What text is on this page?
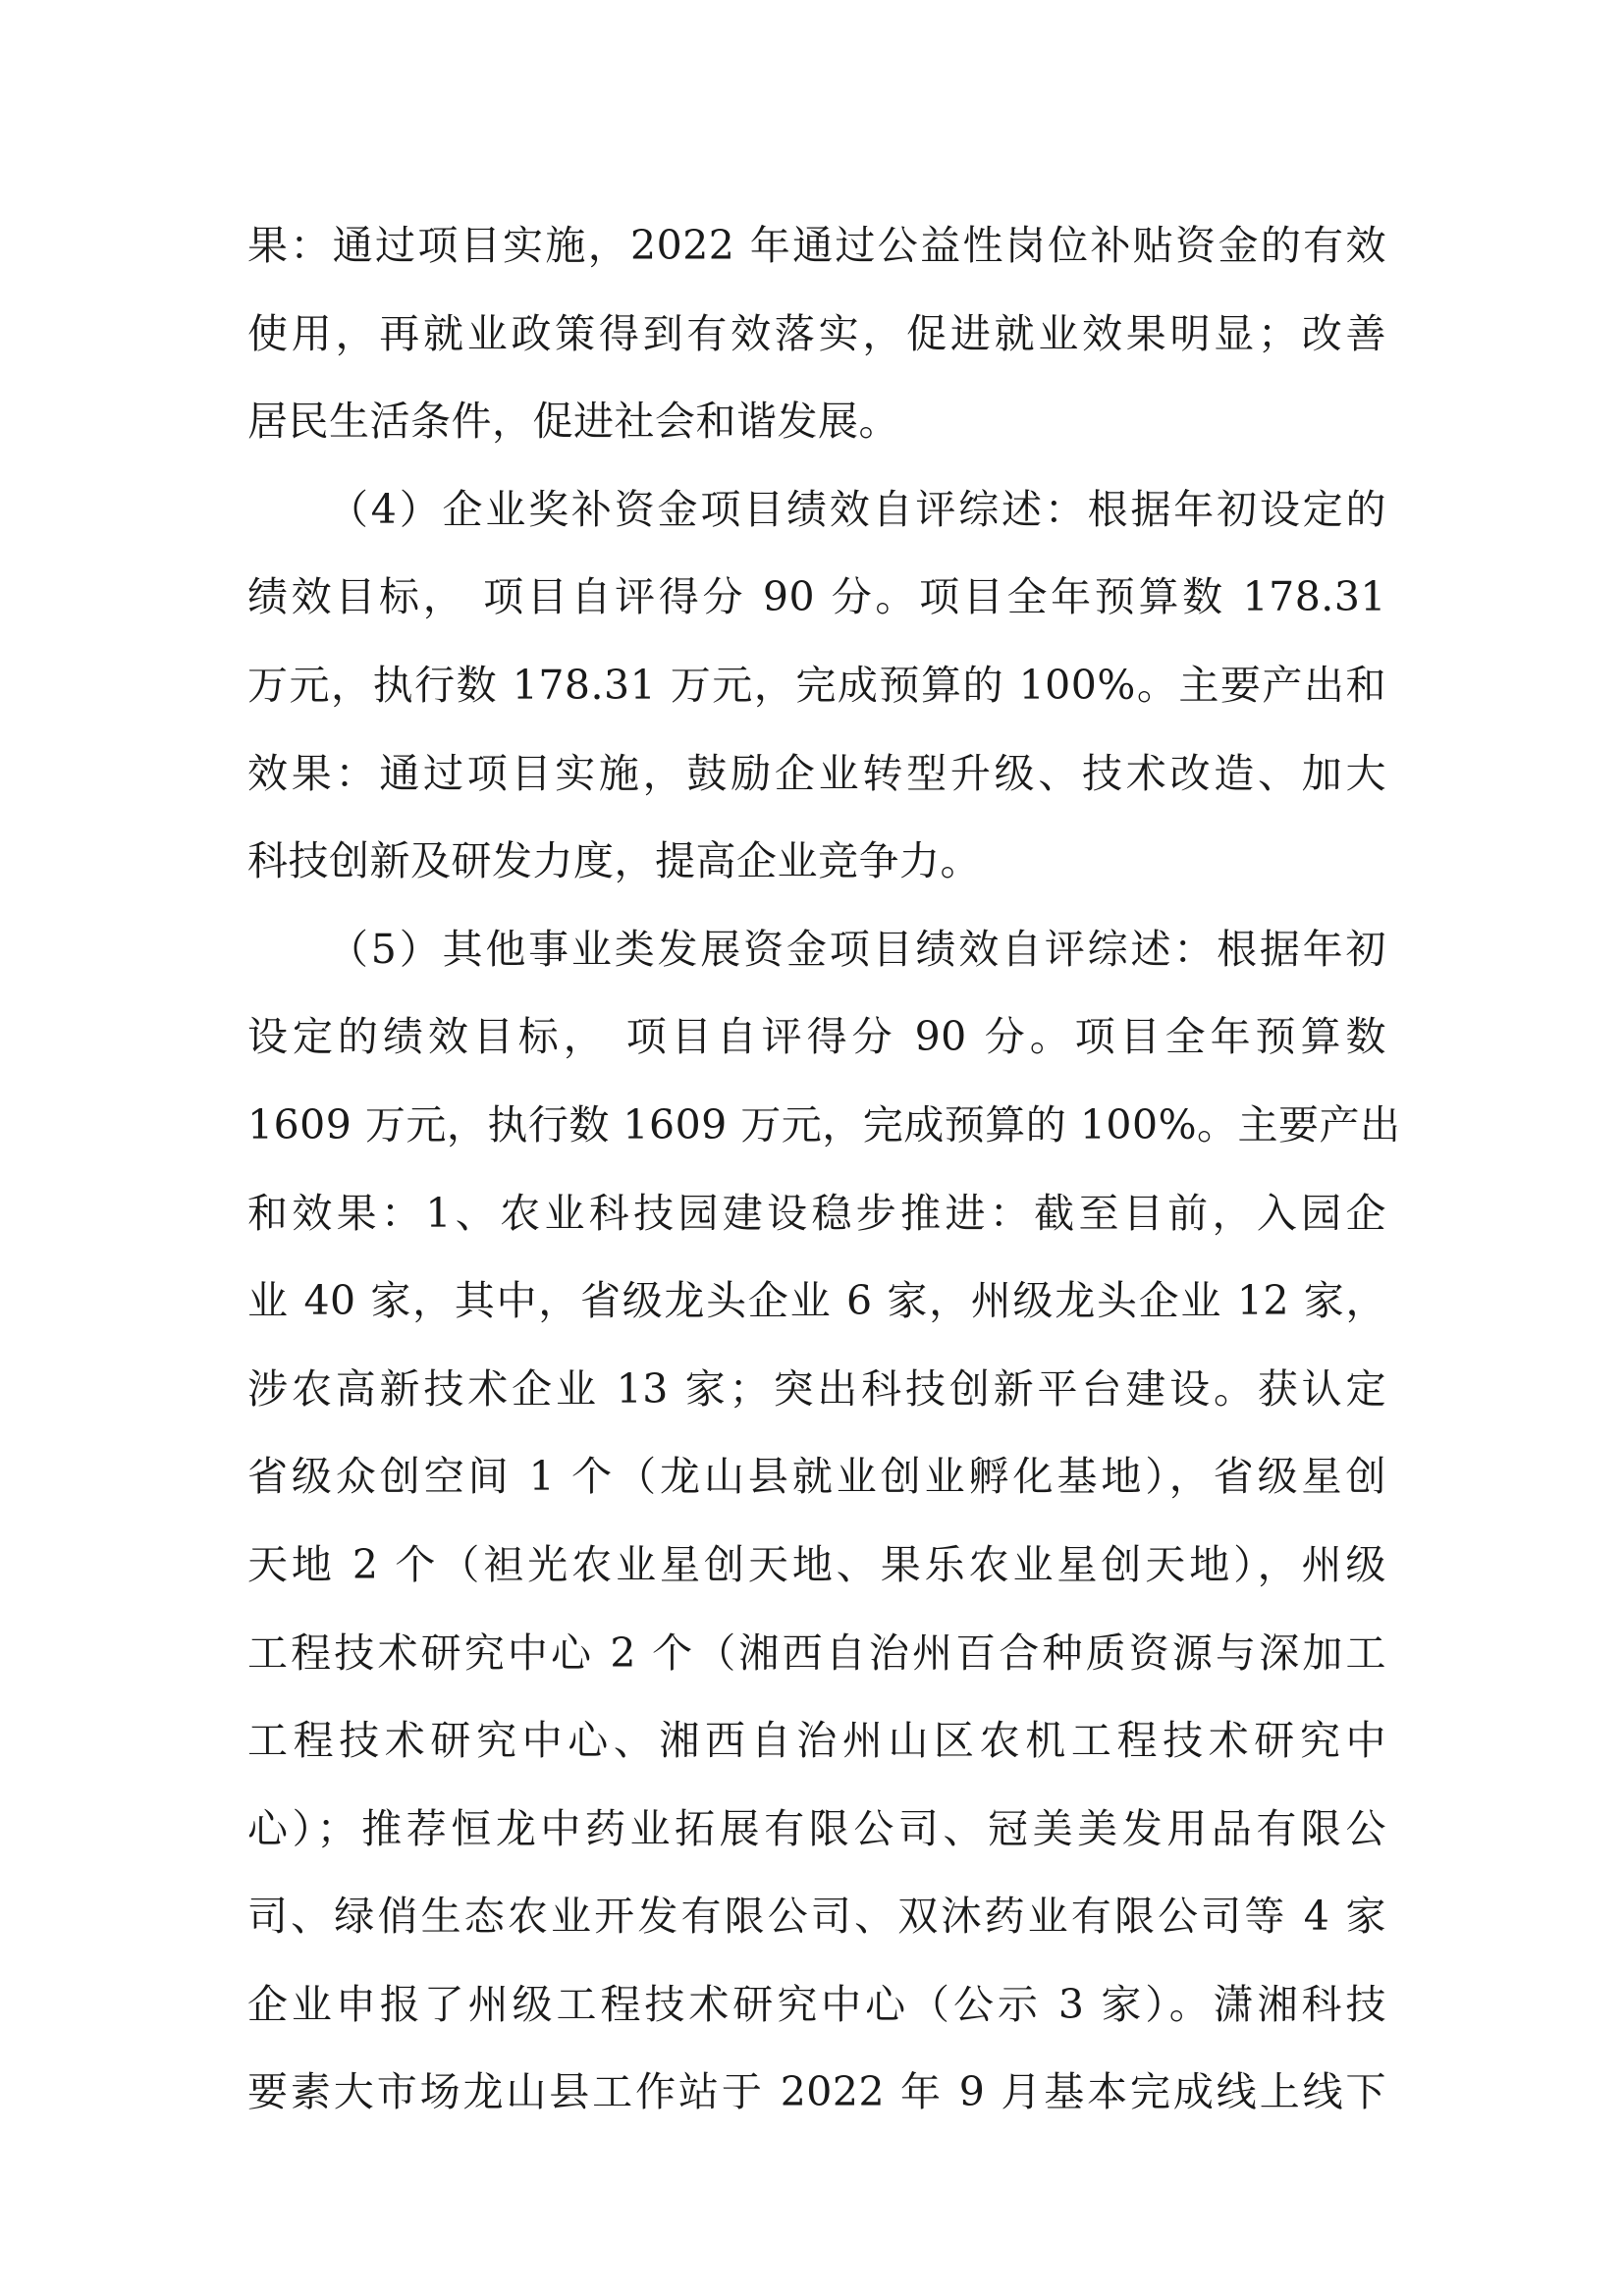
果：通过项目实施，2022 年通过公益性岗位补贴资金的有效
使用，再就业政策得到有效落实，促进就业效果明显；改善
居民生活条件，促进社会和谐发展。
（4）企业奖补资金项目绩效自评综述：根据年初设定的
绩效目标， 项目自评得分 90 分。项目全年预算数 178.31
万元，执行数 178.31 万元，完成预算的 100%。主要产出和
效果：通过项目实施，鼓励企业转型升级、技术改造、加大
科技创新及研发力度，提高企业竞争力。
（5）其他事业类发展资金项目绩效自评综述：根据年初
设定的绩效目标， 项目自评得分 90 分。项目全年预算数
1609 万元，执行数 1609 万元，完成预算的 100%。主要产出
和效果：1、农业科技园建设稳步推进：截至目前，入园企
业 40 家，其中，省级龙头企业 6 家，州级龙头企业 12 家，
涉农高新技术企业 13 家；突出科技创新平台建设。获认定
省级众创空间 1 个（龙山县就业创业孵化基地），省级星创
天地 2 个（袒光农业星创天地、果乐农业星创天地），州级
工程技术研究中心 2 个（湘西自治州百合种质资源与深加工
工程技术研究中心、湘西自治州山区农机工程技术研究中
心）；推荐恒龙中药业拓展有限公司、冠美美发用品有限公
司、绿俏生态农业开发有限公司、双沐药业有限公司等 4 家
企业申报了州级工程技术研究中心（公示 3 家）。潇湘科技
要素大市场龙山县工作站于 2022 年 9 月基本完成线上线下
